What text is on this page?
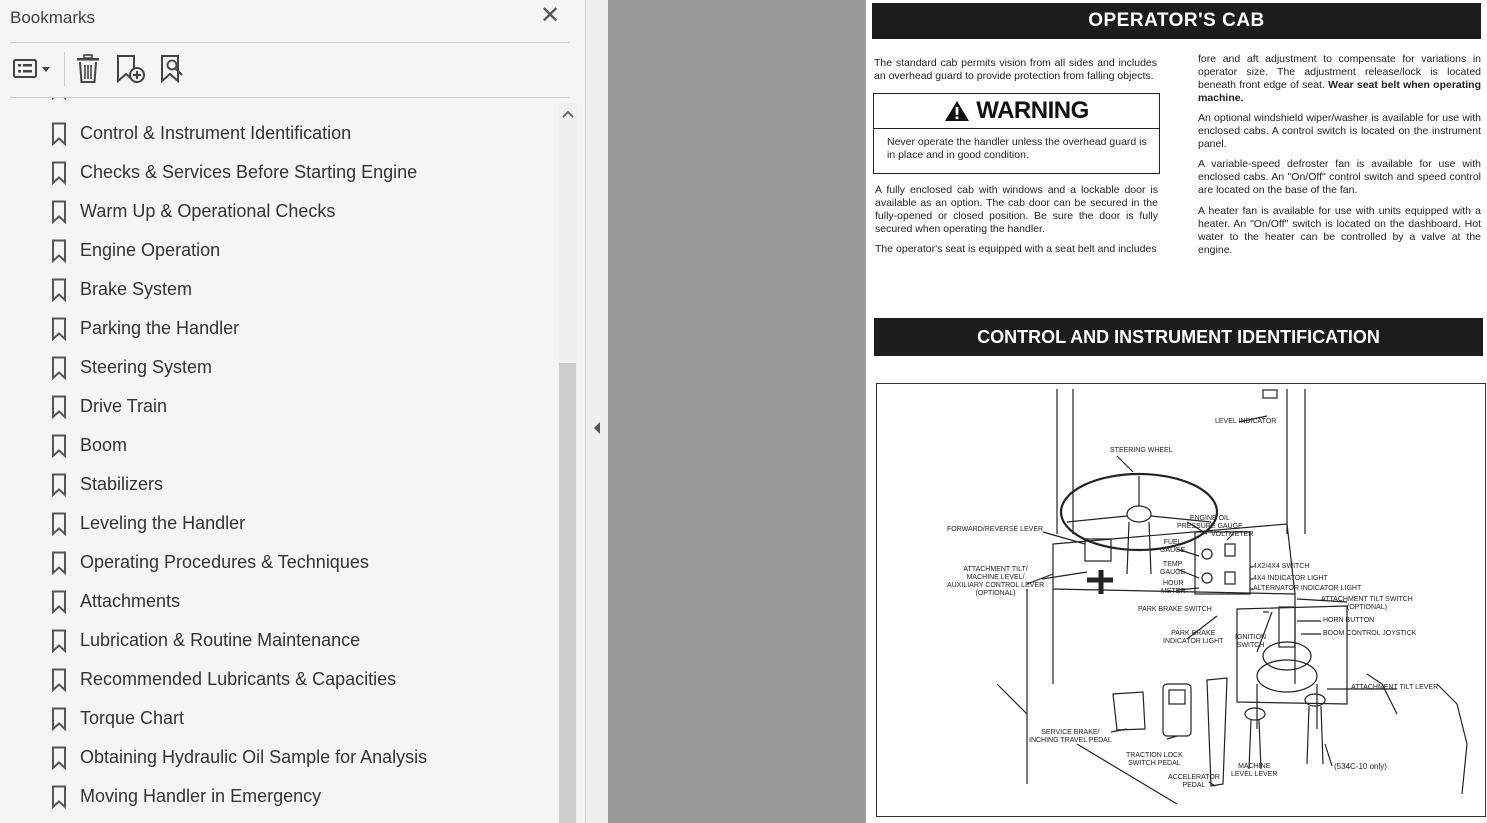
Bookmarks	✕
Control & Instrument Identification
Checks & Services Before Starting Engine
Warm Up & Operational Checks
Engine Operation
Brake System
Parking the Handler
Steering System
Drive Train
Boom
Stabilizers
Leveling the Handler
Operating Procedures & Techniques
Attachments
Lubrication & Routine Maintenance
Recommended Lubricants & Capacities
Torque Chart
Obtaining Hydraulic Oil Sample for Analysis
Moving Handler in Emergency
OPERATOR'S CAB
The standard cab permits vision from all sides and includes an overhead guard to provide protection from falling objects.
WARNING
Never operate the handler unless the overhead guard is in place and in good condition.
A fully enclosed cab with windows and a lockable door is available as an option. The cab door can be secured in the fully-opened or closed position. Be sure the door is fully secured when operating the handler.
The operator's seat is equipped with a seat belt and includes
fore and aft adjustment to compensate for variations in operator size. The adjustment release/lock is located beneath front edge of seat. Wear seat belt when operating machine.
An optional windshield wiper/washer is available for use with enclosed cabs. A control switch is located on the instrument panel.
A variable-speed defroster fan is available for use with enclosed cabs. An "On/Off" control switch and speed control are located on the base of the fan.
A heater fan is available for use with units equipped with a heater. An "On/Off" switch is located on the dashboard. Hot water to the heater can be controlled by a valve at the engine.
CONTROL AND INSTRUMENT IDENTIFICATION
LEVEL INDICATOR
STEERING WHEEL
FORWARD/REVERSE LEVER
ENGINE OIL
PRESSURE GAUGE
VOLTMETER
FUEL
GAUGE
TEMP
GAUGE
HOUR
METER
ATTACHMENT TILT/
MACHINE LEVEL/
AUXILIARY CONTROL LEVER
(OPTIONAL)
4X2/4X4 SWITCH
4X4 INDICATOR LIGHT
ALTERNATOR INDICATOR LIGHT
PARK BRAKE SWITCH
ATTACHMENT TILT SWITCH
(OPTIONAL)
HORN BUTTON
BOOM CONTROL JOYSTICK
PARK BRAKE
INDICATOR LIGHT
IGNITION
SWITCH
ATTACHMENT TILT LEVER
SERVICE BRAKE/
INCHING TRAVEL PEDAL
TRACTION LOCK
SWITCH PEDAL
ACCELERATOR
PEDAL
MACHINE
LEVEL LEVER
(534C-10 only)
